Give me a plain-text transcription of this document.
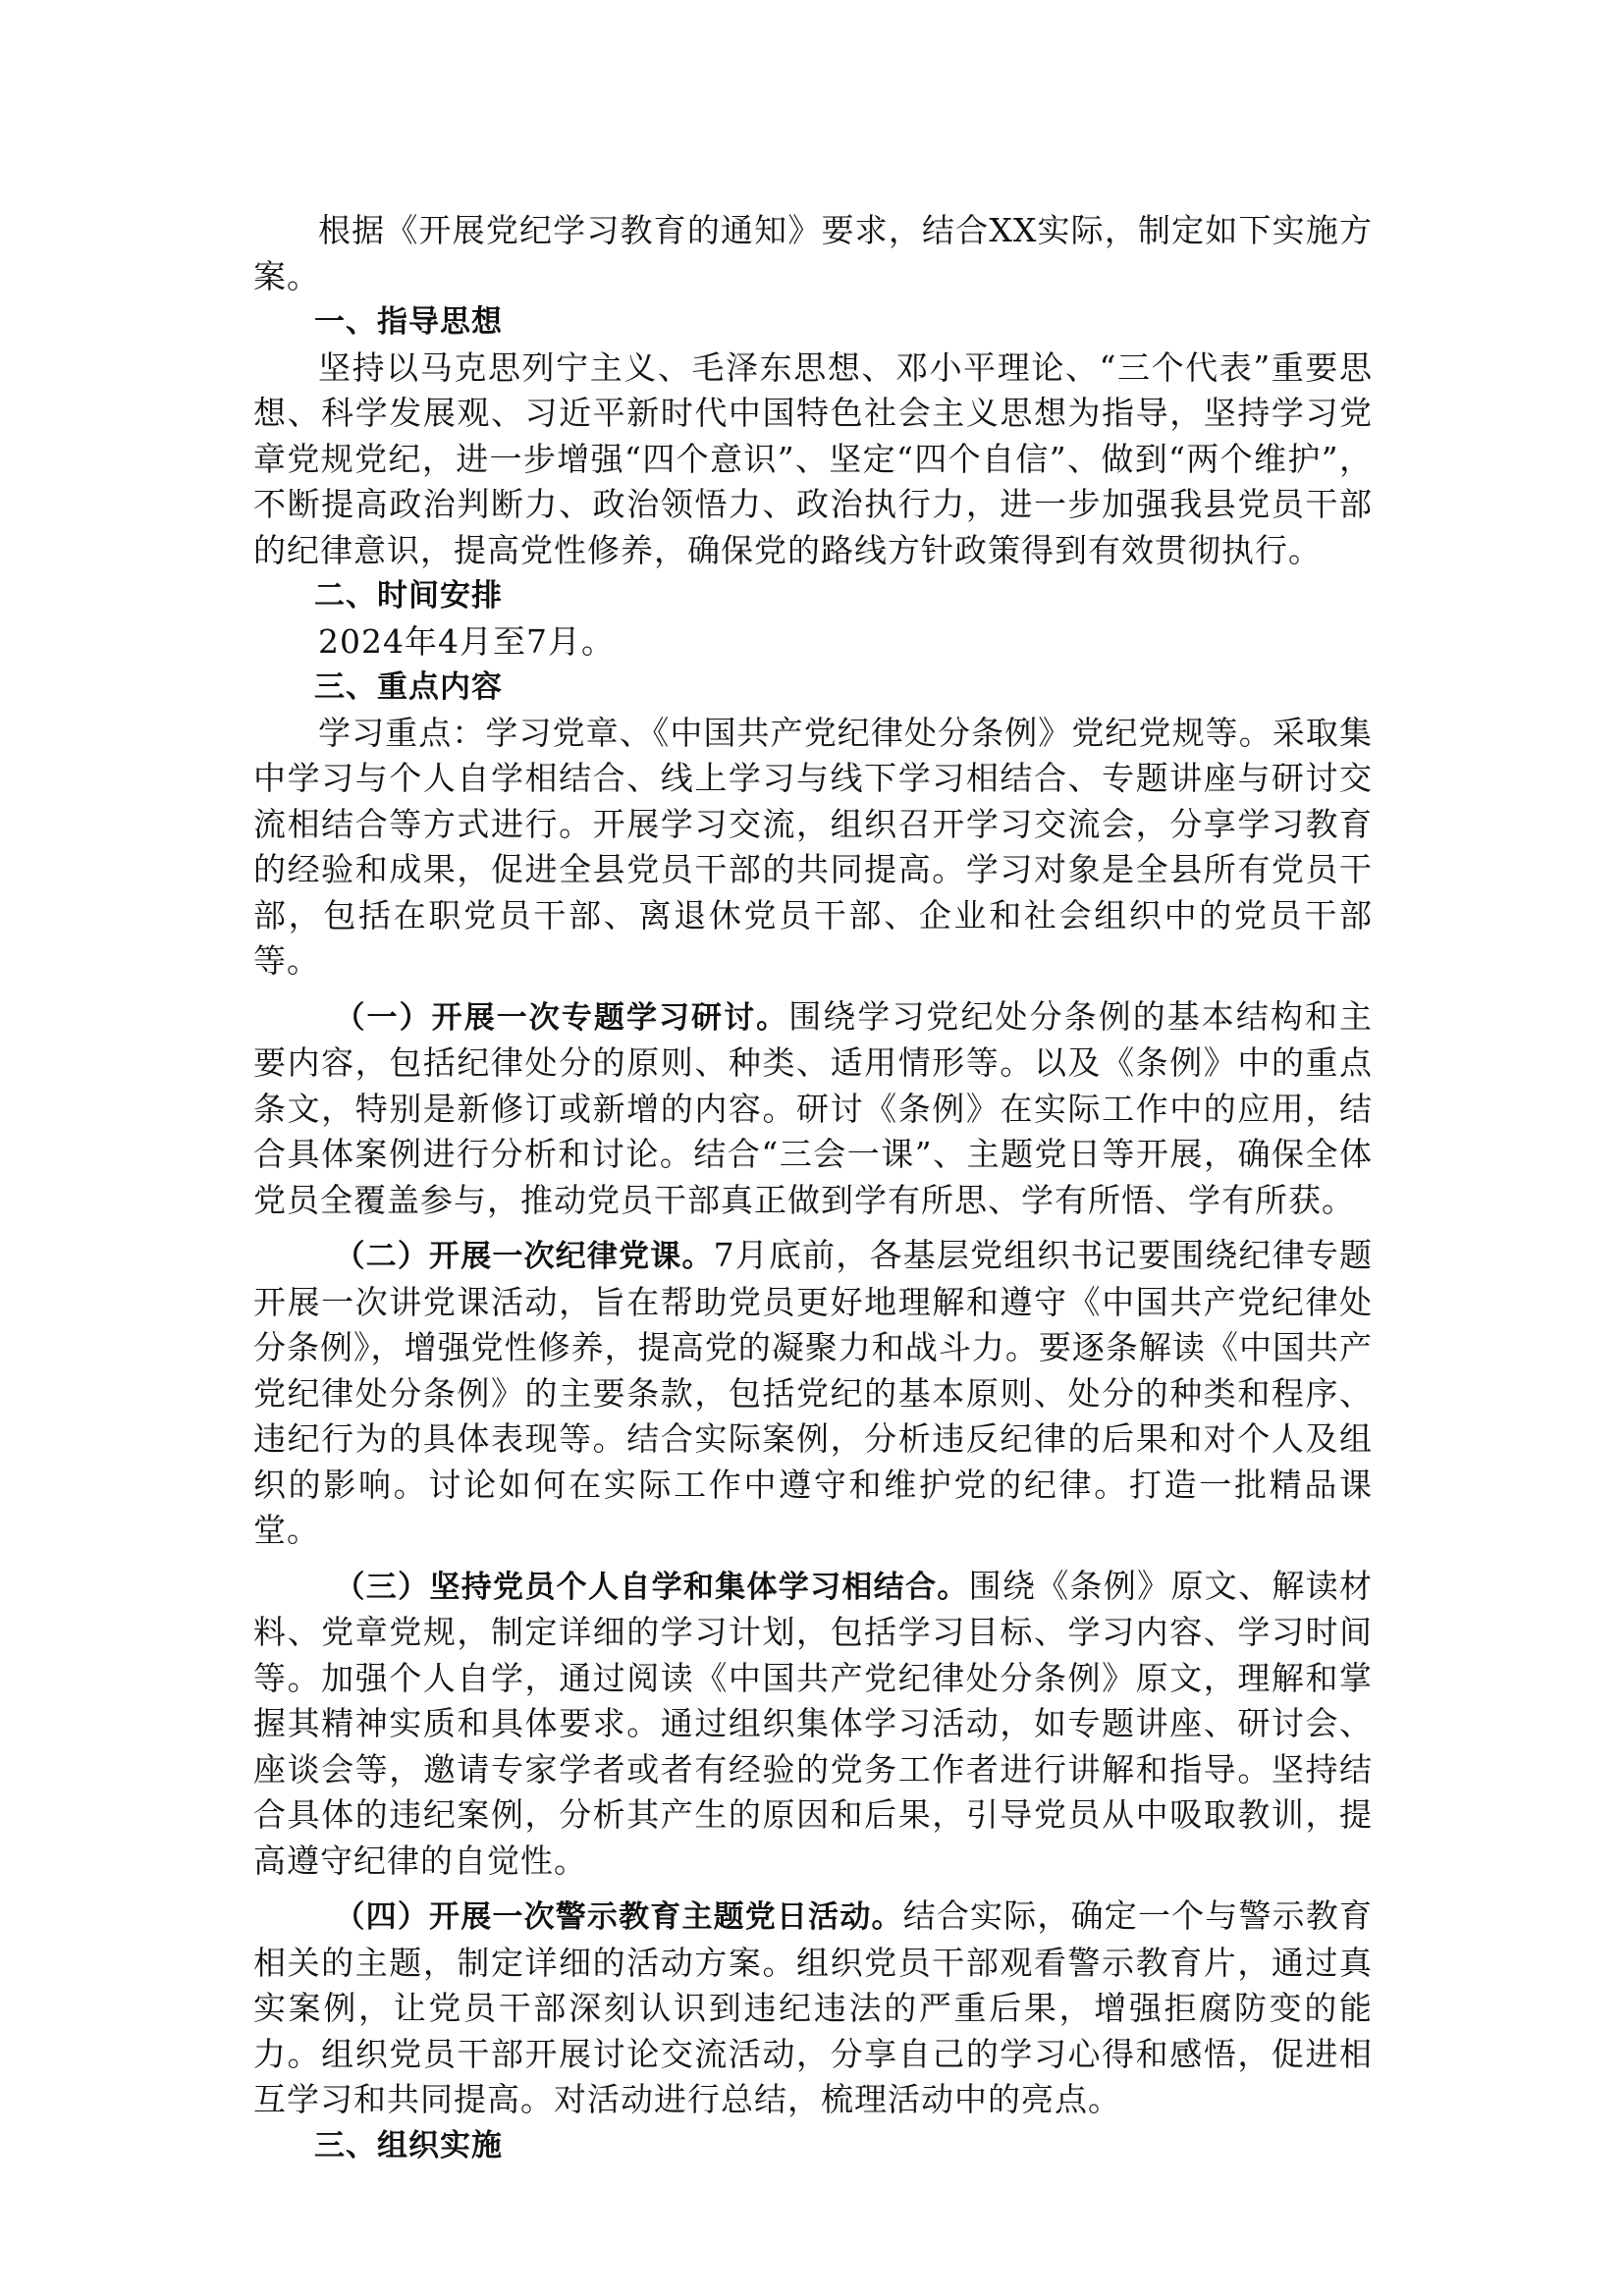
根据《开展党纪学习教育的通知》要求，结合XX实际，制定如下实施方案。

一、指导思想

坚持以马克思列宁主义、毛泽东思想、邓小平理论、“三个代表”重要思想、科学发展观、习近平新时代中国特色社会主义思想为指导，坚持学习党章党规党纪，进一步增强“四个意识”、坚定“四个自信”、做到“两个维护”，不断提高政治判断力、政治领悟力、政治执行力，进一步加强我县党员干部的纪律意识，提高党性修养，确保党的路线方针政策得到有效贯彻执行。

二、时间安排

2024年4月至7月。

三、重点内容

学习重点：学习党章、《中国共产党纪律处分条例》党纪党规等。采取集中学习与个人自学相结合、线上学习与线下学习相结合、专题讲座与研讨交流相结合等方式进行。开展学习交流，组织召开学习交流会，分享学习教育的经验和成果，促进全县党员干部的共同提高。学习对象是全县所有党员干部，包括在职党员干部、离退休党员干部、企业和社会组织中的党员干部等。

（一）开展一次专题学习研讨。围绕学习党纪处分条例的基本结构和主要内容，包括纪律处分的原则、种类、适用情形等。以及《条例》中的重点条文，特别是新修订或新增的内容。研讨《条例》在实际工作中的应用，结合具体案例进行分析和讨论。结合“三会一课”、主题党日等开展，确保全体党员全覆盖参与，推动党员干部真正做到学有所思、学有所悟、学有所获。

（二）开展一次纪律党课。7月底前，各基层党组织书记要围绕纪律专题开展一次讲党课活动，旨在帮助党员更好地理解和遵守《中国共产党纪律处分条例》，增强党性修养，提高党的凝聚力和战斗力。要逐条解读《中国共产党纪律处分条例》的主要条款，包括党纪的基本原则、处分的种类和程序、违纪行为的具体表现等。结合实际案例，分析违反纪律的后果和对个人及组织的影响。讨论如何在实际工作中遵守和维护党的纪律。打造一批精品课堂。

（三）坚持党员个人自学和集体学习相结合。围绕《条例》原文、解读材料、党章党规，制定详细的学习计划，包括学习目标、学习内容、学习时间等。加强个人自学，通过阅读《中国共产党纪律处分条例》原文，理解和掌握其精神实质和具体要求。通过组织集体学习活动，如专题讲座、研讨会、座谈会等，邀请专家学者或者有经验的党务工作者进行讲解和指导。坚持结合具体的违纪案例，分析其产生的原因和后果，引导党员从中吸取教训，提高遵守纪律的自觉性。

（四）开展一次警示教育主题党日活动。结合实际，确定一个与警示教育相关的主题，制定详细的活动方案。组织党员干部观看警示教育片，通过真实案例，让党员干部深刻认识到违纪违法的严重后果，增强拒腐防变的能力。组织党员干部开展讨论交流活动，分享自己的学习心得和感悟，促进相互学习和共同提高。对活动进行总结，梳理活动中的亮点。

三、组织实施
